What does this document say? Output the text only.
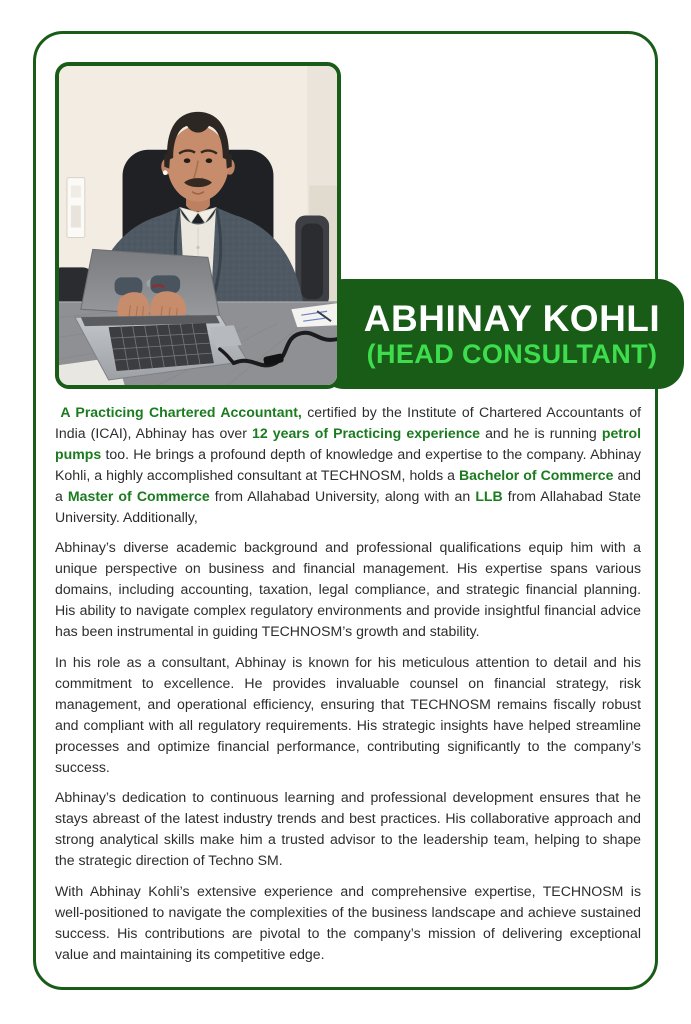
ABHINAY KOHLI
(HEAD CONSULTANT)

A Practicing Chartered Accountant, certified by the Institute of Chartered Accountants of India (ICAI), Abhinay has over 12 years of Practicing experience and he is running petrol pumps too. He brings a profound depth of knowledge and expertise to the company. Abhinay Kohli, a highly accomplished consultant at TECHNOSM, holds a Bachelor of Commerce and a Master of Commerce from Allahabad University, along with an LLB from Allahabad State University. Additionally,

Abhinay’s diverse academic background and professional qualifications equip him with a unique perspective on business and financial management. His expertise spans various domains, including accounting, taxation, legal compliance, and strategic financial planning. His ability to navigate complex regulatory environments and provide insightful financial advice has been instrumental in guiding TECHNOSM’s growth and stability.

In his role as a consultant, Abhinay is known for his meticulous attention to detail and his commitment to excellence. He provides invaluable counsel on financial strategy, risk management, and operational efficiency, ensuring that TECHNOSM remains fiscally robust and compliant with all regulatory requirements. His strategic insights have helped streamline processes and optimize financial performance, contributing significantly to the company’s success.

Abhinay’s dedication to continuous learning and professional development ensures that he stays abreast of the latest industry trends and best practices. His collaborative approach and strong analytical skills make him a trusted advisor to the leadership team, helping to shape the strategic direction of Techno SM.

With Abhinay Kohli’s extensive experience and comprehensive expertise, TECHNOSM is well-positioned to navigate the complexities of the business landscape and achieve sustained success. His contributions are pivotal to the company’s mission of delivering exceptional value and maintaining its competitive edge.
